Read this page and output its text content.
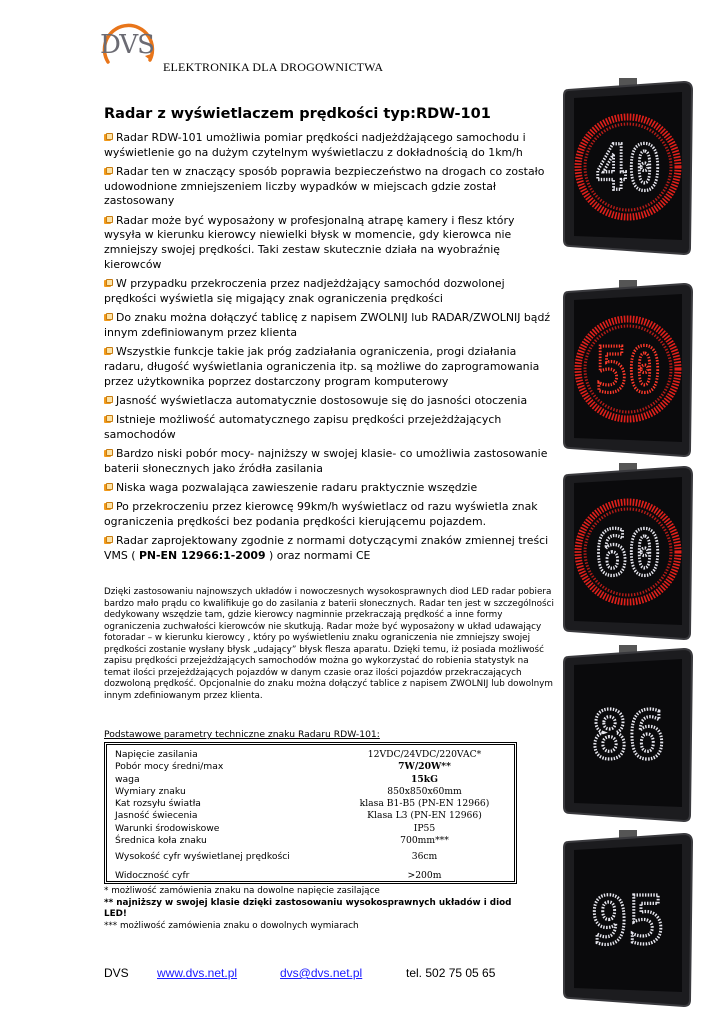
DVS
ELEKTRONIKA DLA DROGOWNICTWA
Radar z wyświetlaczem prędkości typ:RDW-101
Radar RDW-101 umożliwia pomiar prędkości nadjeżdżającego samochodu i wyświetlenie go na dużym czytelnym wyświetlaczu z dokładnością do 1km/h
Radar ten w znaczący sposób poprawia bezpieczeństwo na drogach co zostało udowodnione zmniejszeniem liczby wypadków w miejscach gdzie został zastosowany
Radar może być wyposażony w profesjonalną atrapę kamery i flesz który wysyła w kierunku kierowcy niewielki błysk w momencie, gdy kierowca nie zmniejszy swojej prędkości. Taki zestaw skutecznie działa na wyobraźnię kierowców
W przypadku przekroczenia przez nadjeżdżający samochód dozwolonej prędkości wyświetla się migający znak ograniczenia prędkości
Do znaku można dołączyć tablicę z napisem ZWOLNIJ lub RADAR/ZWOLNIJ bądź innym zdefiniowanym przez klienta
Wszystkie funkcje takie jak próg zadziałania ograniczenia, progi działania radaru, długość wyświetlania ograniczenia itp. są możliwe do zaprogramowania przez użytkownika poprzez dostarczony program komputerowy
Jasność wyświetlacza automatycznie dostosowuje się do jasności otoczenia
Istnieje możliwość automatycznego zapisu prędkości przejeżdżających samochodów
Bardzo niski pobór mocy- najniższy w swojej klasie- co umożliwia zastosowanie baterii słonecznych jako źródła zasilania
Niska waga pozwalająca zawieszenie radaru praktycznie wszędzie
Po przekroczeniu przez kierowcę 99km/h wyświetlacz od razu wyświetla znak ograniczenia prędkości bez podania prędkości kierującemu pojazdem.
Radar zaprojektowany zgodnie z normami dotyczącymi znaków zmiennej treści VMS ( PN-EN 12966:1-2009 ) oraz normami CE

Dzięki zastosowaniu najnowszych układów i nowoczesnych wysokosprawnych diod LED radar pobiera bardzo mało prądu co kwalifikuje go do zasilania z baterii słonecznych. Radar ten jest w szczególności dedykowany wszędzie tam, gdzie kierowcy nagminnie przekraczają prędkość a inne formy ograniczenia zuchwałości kierowców nie skutkują. Radar może być wyposażony w układ udawający fotoradar – w kierunku kierowcy , który po wyświetleniu znaku ograniczenia nie zmniejszy swojej prędkości zostanie wysłany błysk „udający” błysk flesza aparatu. Dzięki temu, iż posiada możliwość zapisu prędkości przejeżdżających samochodów można go wykorzystać do robienia statystyk na temat ilości przejeżdżających pojazdów w danym czasie oraz ilości pojazdów przekraczających dozwoloną prędkość. Opcjonalnie do znaku można dołączyć tablice z napisem ZWOLNIJ lub dowolnym innym zdefiniowanym przez klienta.

Podstawowe parametry techniczne znaku Radaru RDW-101:

Napięcie zasilania	12VDC/24VDC/220VAC*
Pobór mocy średni/max	7W/20W**
waga	15kG
Wymiary znaku	850x850x60mm
Kat rozsyłu światła	klasa B1-B5 (PN-EN 12966)
Jasność świecenia	Klasa L3 (PN-EN 12966)
Warunki środowiskowe	IP55
Średnica koła znaku	700mm***
Wysokość cyfr wyświetlanej prędkości	36cm
Widoczność cyfr	>200m
* możliwość zamówienia znaku na dowolne napięcie zasilające
** najniższy w swojej klasie dzięki zastosowaniu wysokosprawnych układów i diod LED!
*** możliwość zamówienia znaku o dowolnych wymiarach
DVS www.dvs.net.pl	dvs@dvs.net.pl	tel. 502 75 05 65
40
50
60
86
95
